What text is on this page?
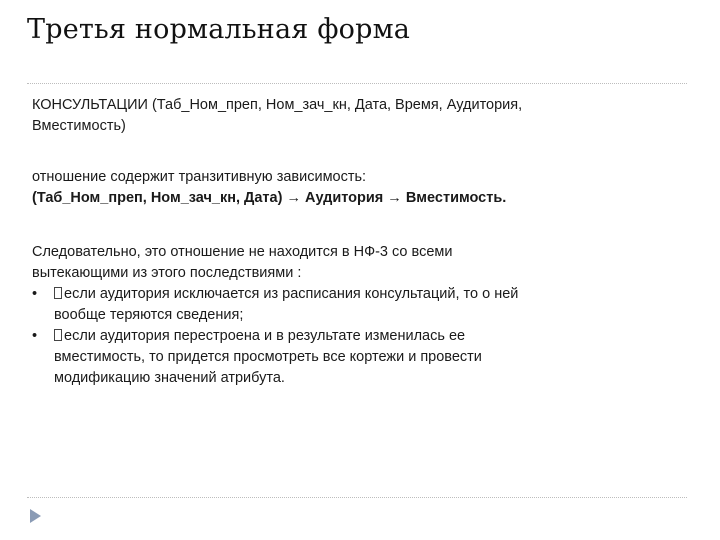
Третья нормальная форма
КОНСУЛЬТАЦИИ (Таб_Ном_преп, Ном_зач_кн, Дата, Время, Аудитория,
Вместимость)
отношение содержит транзитивную зависимость:
(Таб_Ном_преп, Ном_зач_кн, Дата) → Аудитория → Вместимость.
Следовательно, это отношение не находится в НФ-3 со всеми
вытекающими из этого последствиями :
•	если аудитория исключается из расписания консультаций, то о ней
вообще теряются сведения;
•	если аудитория перестроена и в результате изменилась ее
вместимость, то придется просмотреть все кортежи и провести
модификацию значений атрибута.
